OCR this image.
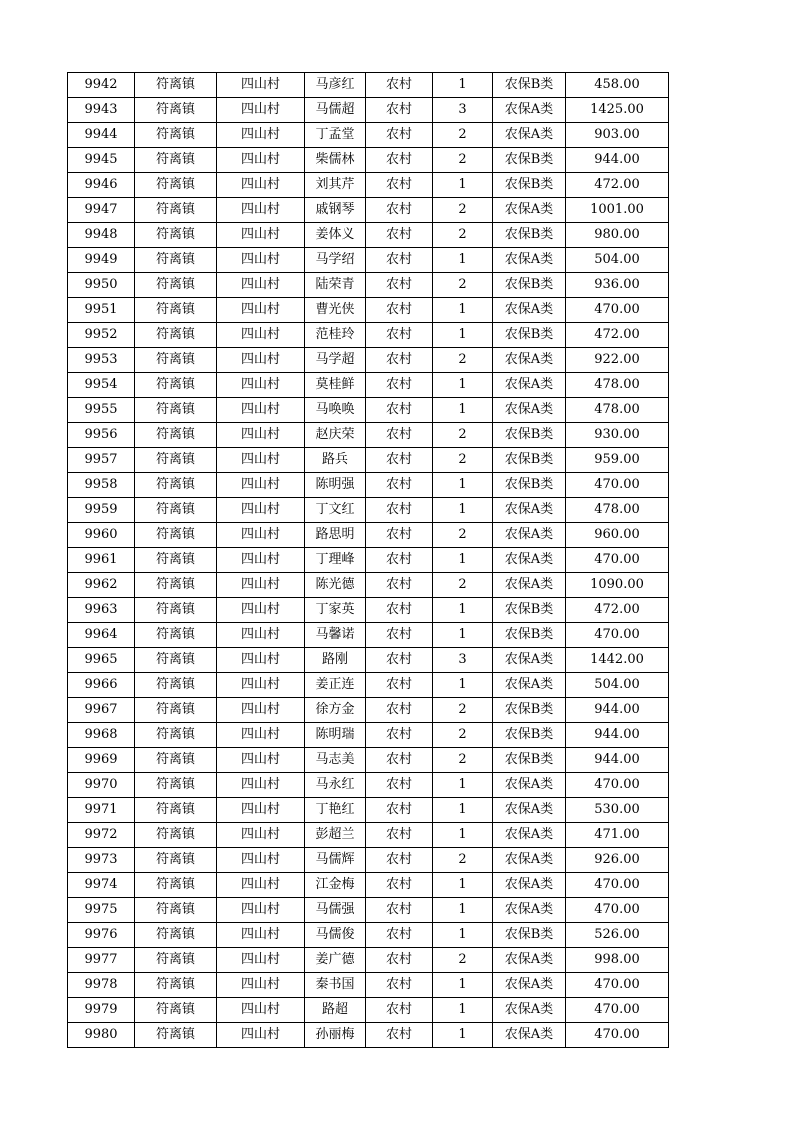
9942	符离镇	四山村	马彦红	农村	1	农保B类	458.00
9943	符离镇	四山村	马儒超	农村	3	农保A类	1425.00
9944	符离镇	四山村	丁孟堂	农村	2	农保A类	903.00
9945	符离镇	四山村	柴儒林	农村	2	农保B类	944.00
9946	符离镇	四山村	刘其芹	农村	1	农保B类	472.00
9947	符离镇	四山村	戚钢琴	农村	2	农保A类	1001.00
9948	符离镇	四山村	姜体义	农村	2	农保B类	980.00
9949	符离镇	四山村	马学绍	农村	1	农保A类	504.00
9950	符离镇	四山村	陆荣青	农村	2	农保B类	936.00
9951	符离镇	四山村	曹光侠	农村	1	农保A类	470.00
9952	符离镇	四山村	范桂玲	农村	1	农保B类	472.00
9953	符离镇	四山村	马学超	农村	2	农保A类	922.00
9954	符离镇	四山村	莫桂鲜	农村	1	农保A类	478.00
9955	符离镇	四山村	马唤唤	农村	1	农保A类	478.00
9956	符离镇	四山村	赵庆荣	农村	2	农保B类	930.00
9957	符离镇	四山村	路兵	农村	2	农保B类	959.00
9958	符离镇	四山村	陈明强	农村	1	农保B类	470.00
9959	符离镇	四山村	丁文红	农村	1	农保A类	478.00
9960	符离镇	四山村	路思明	农村	2	农保A类	960.00
9961	符离镇	四山村	丁理峰	农村	1	农保A类	470.00
9962	符离镇	四山村	陈光德	农村	2	农保A类	1090.00
9963	符离镇	四山村	丁家英	农村	1	农保B类	472.00
9964	符离镇	四山村	马馨诺	农村	1	农保B类	470.00
9965	符离镇	四山村	路刚	农村	3	农保A类	1442.00
9966	符离镇	四山村	姜正连	农村	1	农保A类	504.00
9967	符离镇	四山村	徐方金	农村	2	农保B类	944.00
9968	符离镇	四山村	陈明瑞	农村	2	农保B类	944.00
9969	符离镇	四山村	马志美	农村	2	农保B类	944.00
9970	符离镇	四山村	马永红	农村	1	农保A类	470.00
9971	符离镇	四山村	丁艳红	农村	1	农保A类	530.00
9972	符离镇	四山村	彭超兰	农村	1	农保A类	471.00
9973	符离镇	四山村	马儒辉	农村	2	农保A类	926.00
9974	符离镇	四山村	江金梅	农村	1	农保A类	470.00
9975	符离镇	四山村	马儒强	农村	1	农保A类	470.00
9976	符离镇	四山村	马儒俊	农村	1	农保B类	526.00
9977	符离镇	四山村	姜广德	农村	2	农保A类	998.00
9978	符离镇	四山村	秦书国	农村	1	农保A类	470.00
9979	符离镇	四山村	路超	农村	1	农保A类	470.00
9980	符离镇	四山村	孙丽梅	农村	1	农保A类	470.00
